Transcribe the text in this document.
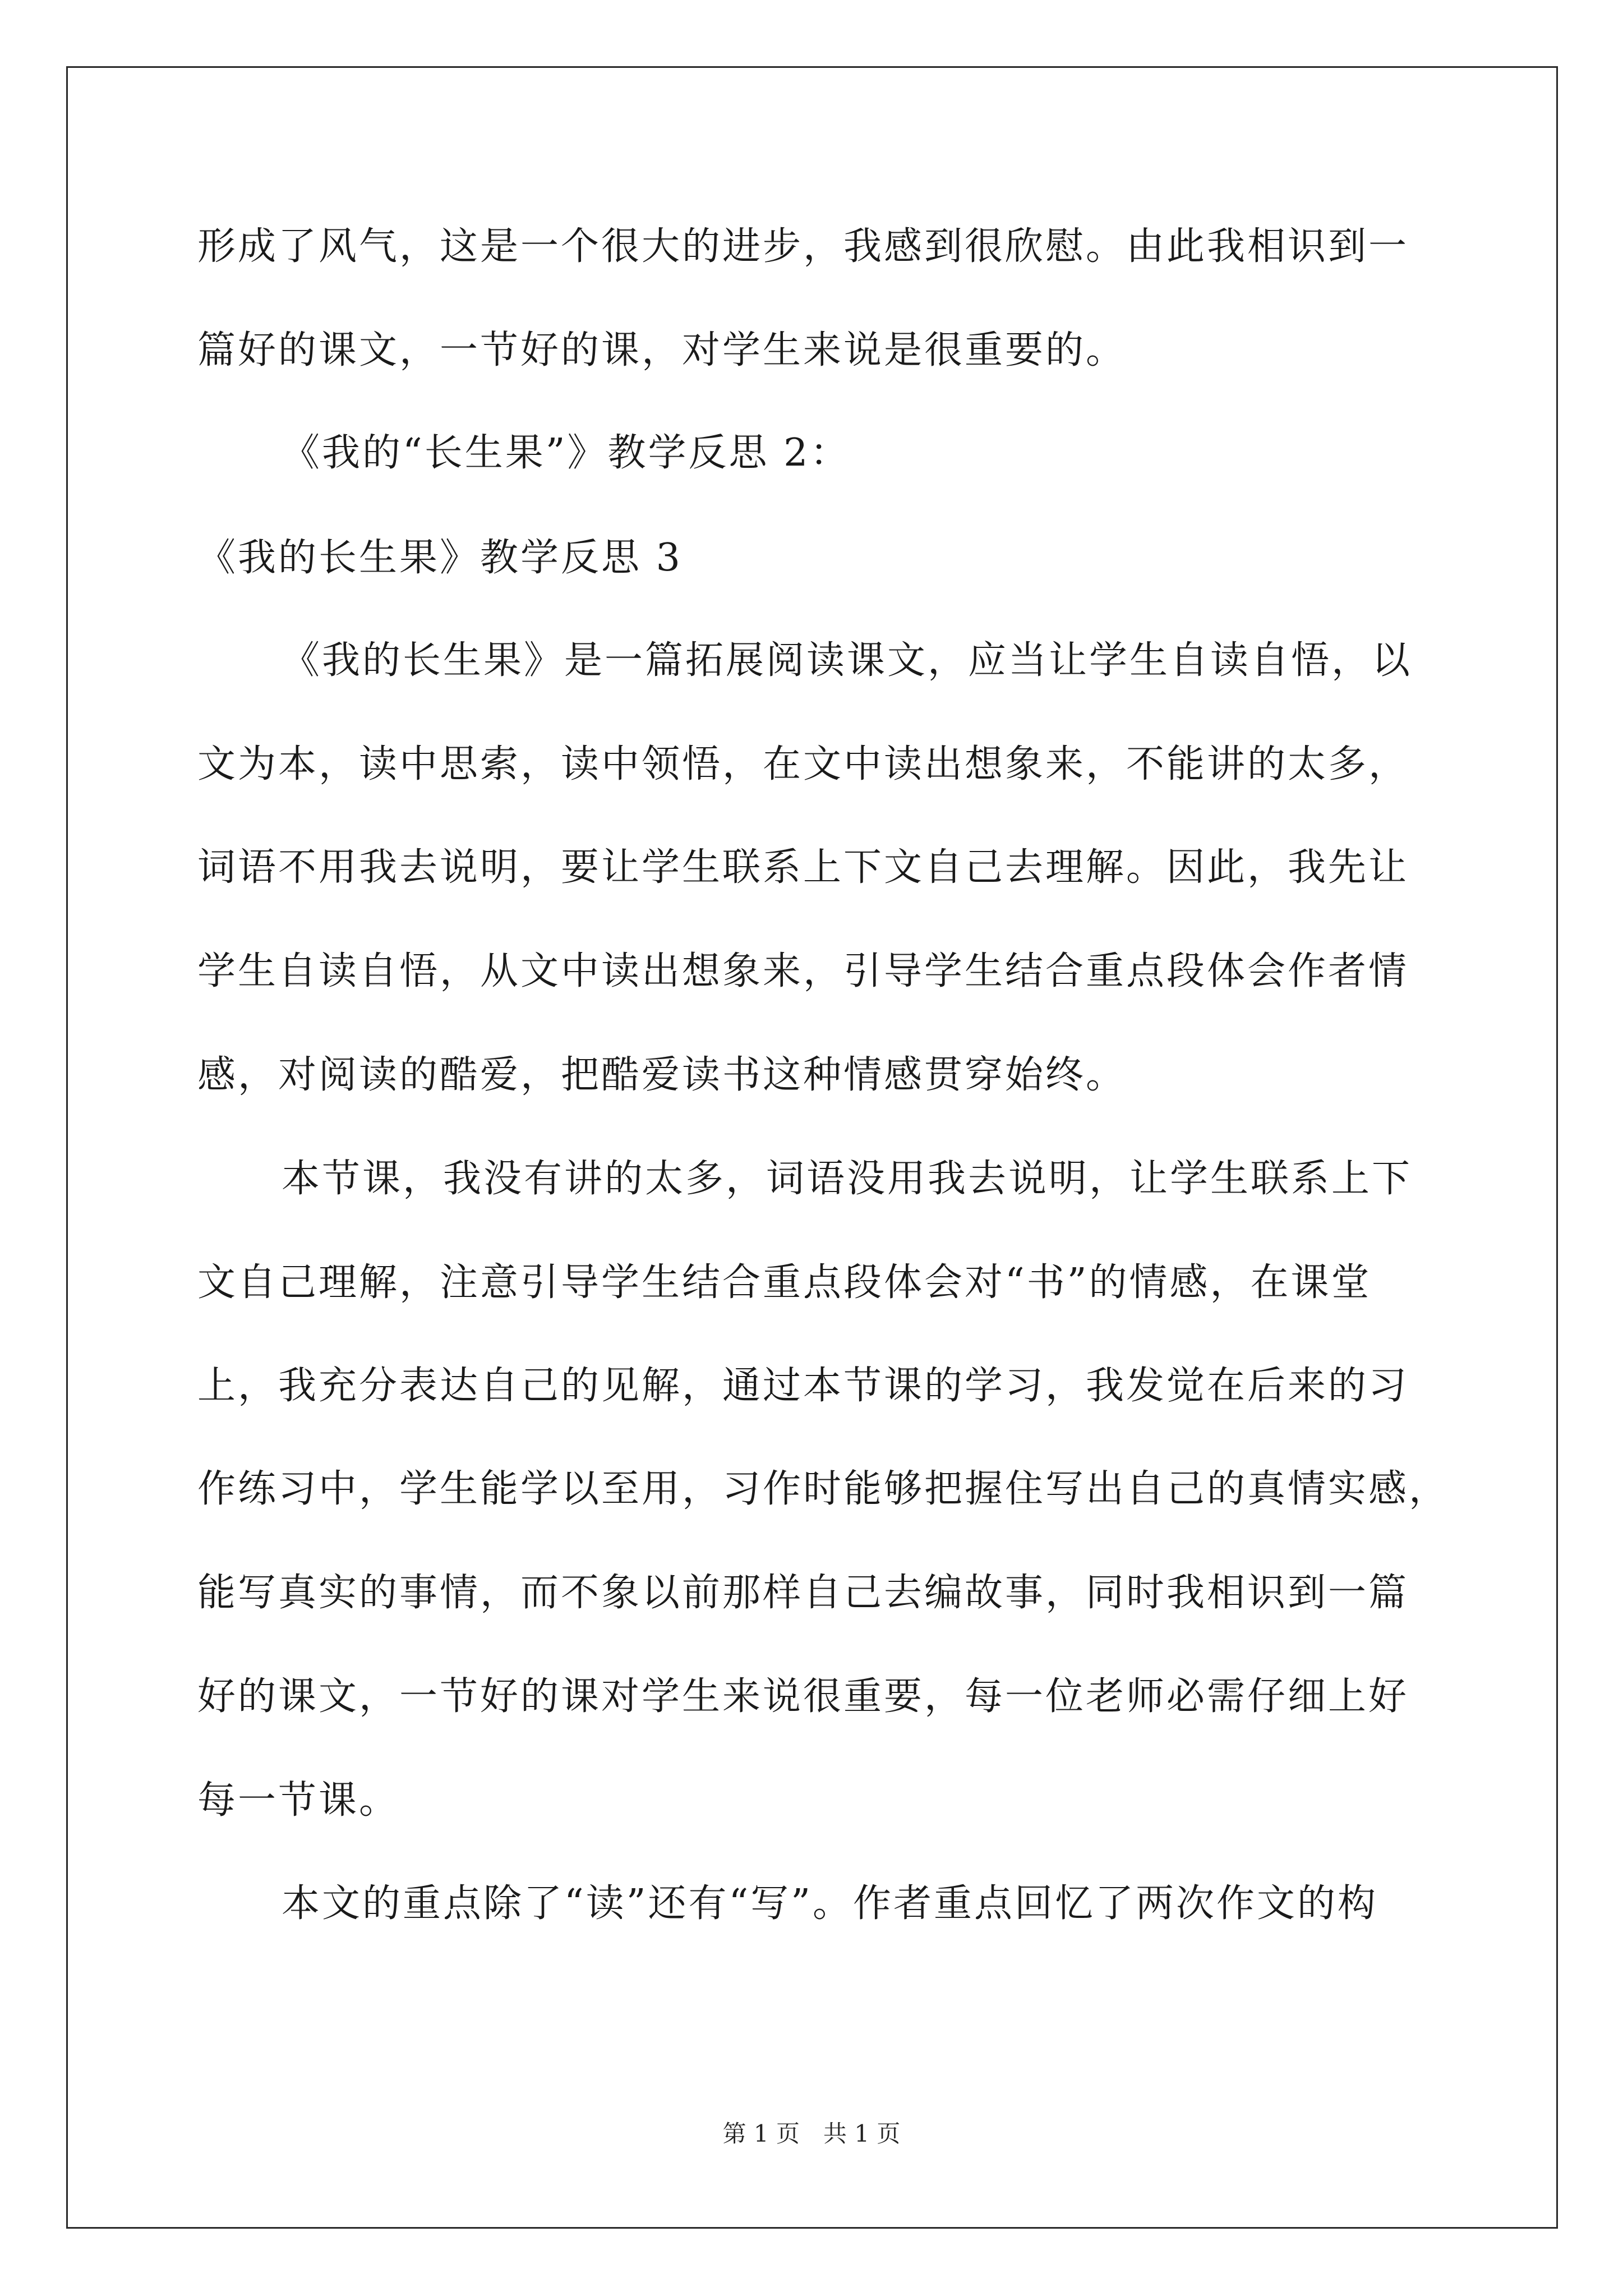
形成了风气，这是一个很大的进步，我感到很欣慰。由此我相识到一
篇好的课文，一节好的课，对学生来说是很重要的。
《我的“长生果”》教学反思 2：
《我的长生果》教学反思 3
《我的长生果》是一篇拓展阅读课文，应当让学生自读自悟，以
文为本，读中思索，读中领悟，在文中读出想象来，不能讲的太多，
词语不用我去说明，要让学生联系上下文自己去理解。因此，我先让
学生自读自悟，从文中读出想象来，引导学生结合重点段体会作者情
感，对阅读的酷爱，把酷爱读书这种情感贯穿始终。
本节课，我没有讲的太多，词语没用我去说明，让学生联系上下
文自己理解，注意引导学生结合重点段体会对“书”的情感，在课堂
上，我充分表达自己的见解，通过本节课的学习，我发觉在后来的习
作练习中，学生能学以至用，习作时能够把握住写出自己的真情实感，
能写真实的事情，而不象以前那样自己去编故事，同时我相识到一篇
好的课文，一节好的课对学生来说很重要，每一位老师必需仔细上好
每一节课。
本文的重点除了“读”还有“写”。作者重点回忆了两次作文的构
第 1 页　共 1 页
